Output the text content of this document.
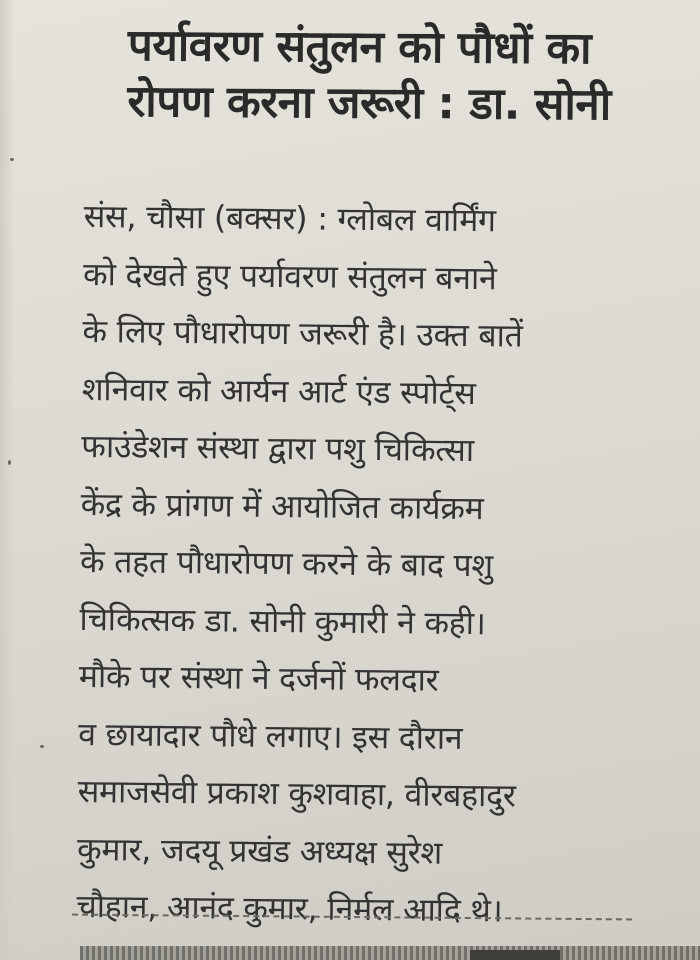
पर्यावरण संतुलन को पौधों का
रोपण करना जरूरी : डा. सोनी
संस, चौसा (बक्सर) : ग्लोबल वार्मिंग
को देखते हुए पर्यावरण संतुलन बनाने
के लिए पौधारोपण जरूरी है। उक्त बातें
शनिवार को आर्यन आर्ट एंड स्पोर्ट्स
फाउंडेशन संस्था द्वारा पशु चिकित्सा
केंद्र के प्रांगण में आयोजित कार्यक्रम
के तहत पौधारोपण करने के बाद पशु
चिकित्सक डा. सोनी कुमारी ने कही।
मौके पर संस्था ने दर्जनों फलदार
व छायादार पौधे लगाए। इस दौरान
समाजसेवी प्रकाश कुशवाहा, वीरबहादुर
कुमार, जदयू प्रखंड अध्यक्ष सुरेश
चौहान, आनंद कुमार, निर्मल आदि थे।
